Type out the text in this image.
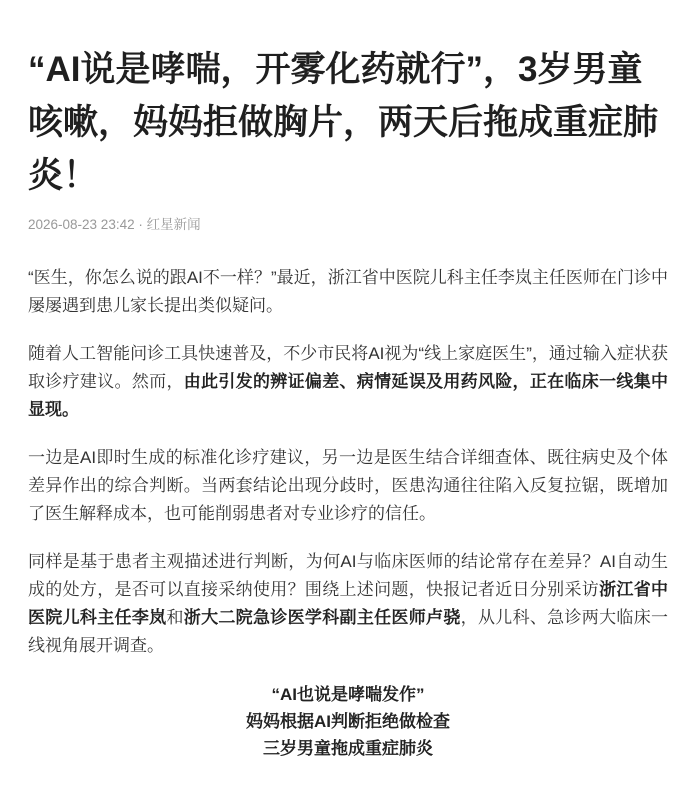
“AI说是哮喘，开雾化药就行”，3岁男童咳嗽，妈妈拒做胸片，两天后拖成重症肺炎！
2026-08-23 23:42 · 红星新闻

“医生，你怎么说的跟AI不一样？”最近，浙江省中医院儿科主任李岚主任医师在门诊中屡屡遇到患儿家长提出类似疑问。

随着人工智能问诊工具快速普及，不少市民将AI视为“线上家庭医生”，通过输入症状获取诊疗建议。然而，由此引发的辨证偏差、病情延误及用药风险，正在临床一线集中显现。

一边是AI即时生成的标准化诊疗建议，另一边是医生结合详细查体、既往病史及个体差异作出的综合判断。当两套结论出现分歧时，医患沟通往往陷入反复拉锯，既增加了医生解释成本，也可能削弱患者对专业诊疗的信任。

同样是基于患者主观描述进行判断，为何AI与临床医师的结论常存在差异？AI自动生成的处方，是否可以直接采纳使用？围绕上述问题，快报记者近日分别采访浙江省中医院儿科主任李岚和浙大二院急诊医学科副主任医师卢骁，从儿科、急诊两大临床一线视角展开调查。

“AI也说是哮喘发作”
妈妈根据AI判断拒绝做检查
三岁男童拖成重症肺炎
